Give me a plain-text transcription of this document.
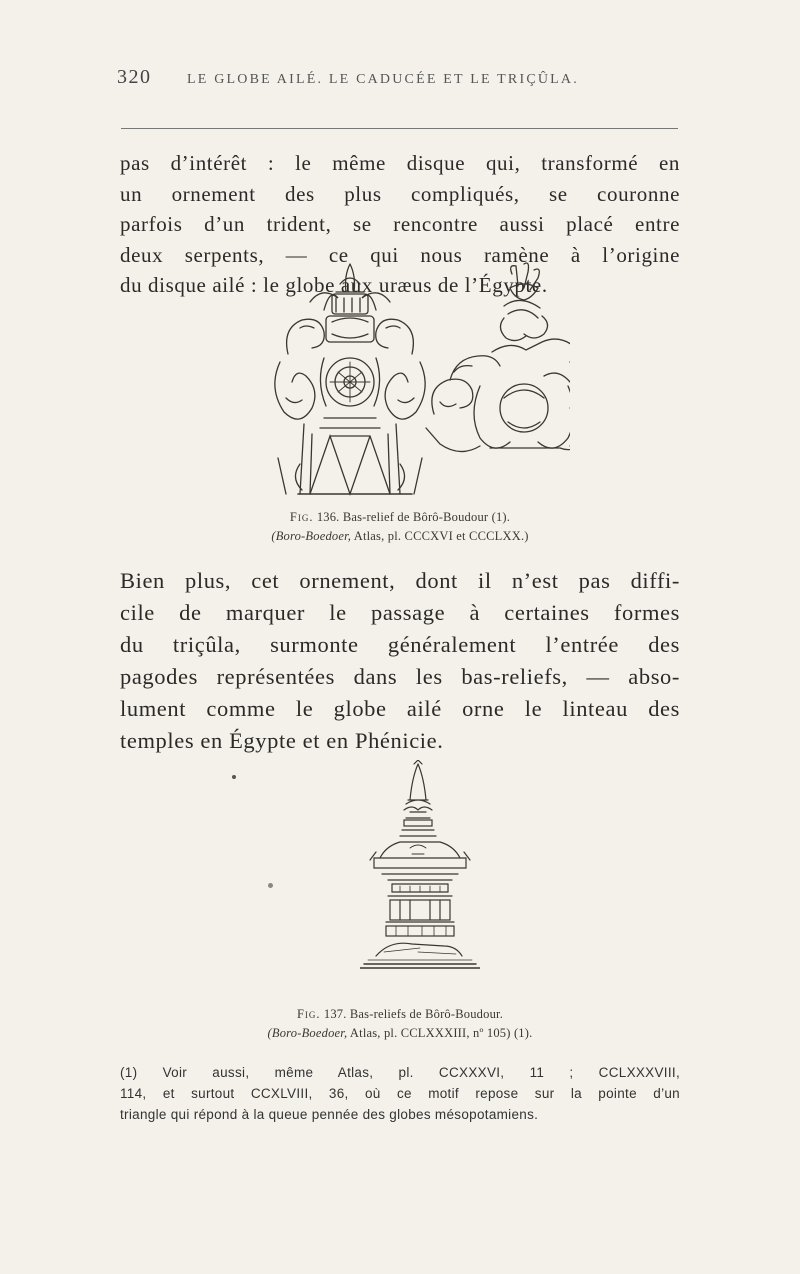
320	LE GLOBE AILÉ. LE CADUCÉE ET LE TRIÇÛLA.

pas d’intérêt : le même disque qui, transformé en
un ornement des plus compliqués, se couronne
parfois d’un trident, se rencontre aussi placé entre
deux serpents, — ce qui nous ramène à l’origine
du disque ailé : le globe aux uræus de l’Égypte.

Fig. 136. Bas-relief de Bôrô-Boudour (1).
(Boro-Boedoer, Atlas, pl. CCCXVI et CCCLXX.)

Bien plus, cet ornement, dont il n’est pas diffi-
cile de marquer le passage à certaines formes
du triçûla, surmonte généralement l’entrée des
pagodes représentées dans les bas-reliefs, — abso-
lument comme le globe ailé orne le linteau des
temples en Égypte et en Phénicie.

Fig. 137. Bas-reliefs de Bôrô-Boudour.
(Boro-Boedoer, Atlas, pl. CCLXXXIII, nº 105) (1).
(1) Voir aussi, même Atlas, pl. CCXXXVI, 11 ; CCLXXXVIII,
114, et surtout CCXLVIII, 36, où ce motif repose sur la pointe d’un
triangle qui répond à la queue pennée des globes mésopotamiens.
